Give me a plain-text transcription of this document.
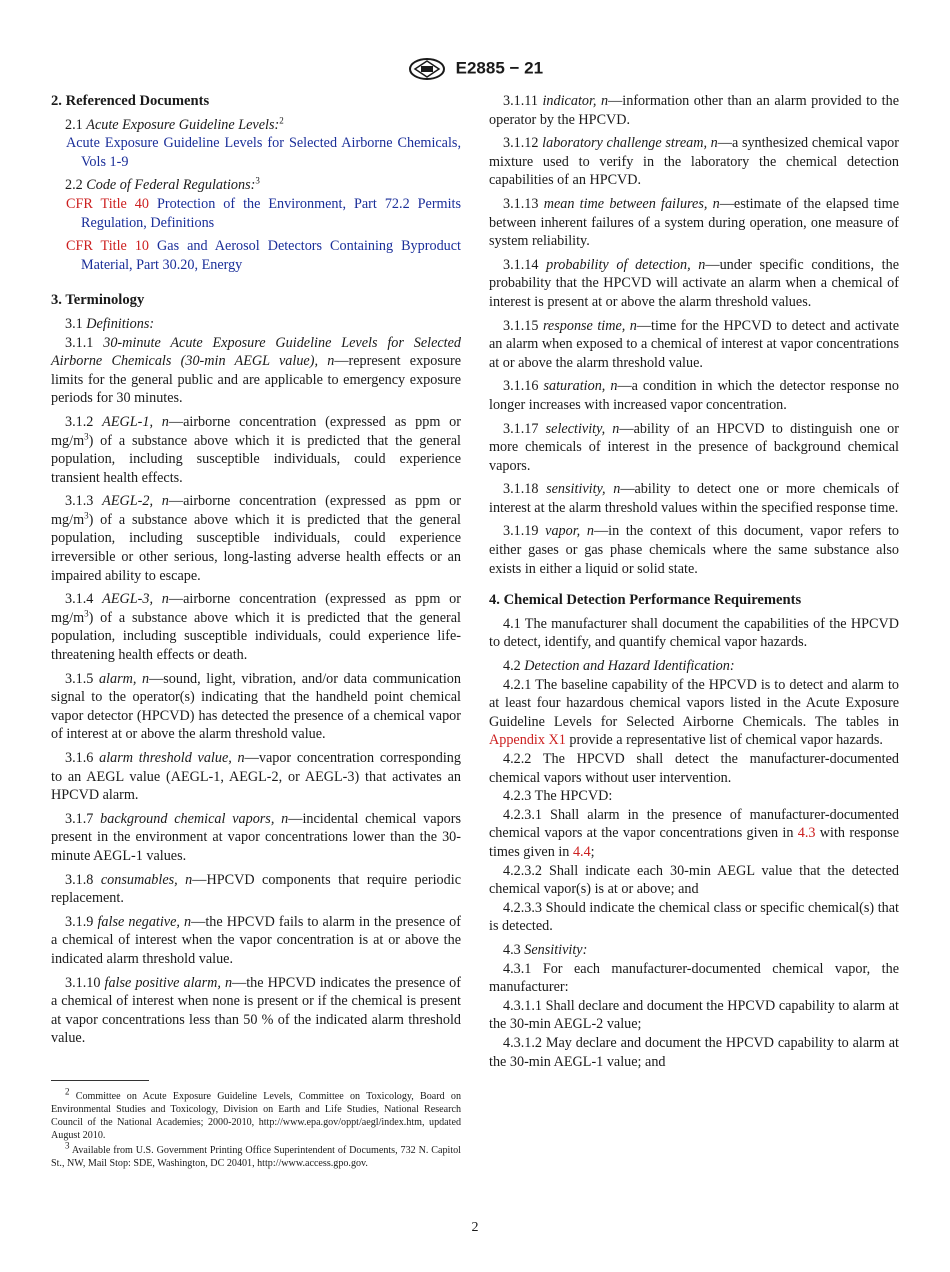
E2885 − 21

2. Referenced Documents

2.1 Acute Exposure Guideline Levels:$^2$

Acute Exposure Guideline Levels for Selected Airborne Chemicals, Vols 1-9

2.2 Code of Federal Regulations:$^3$

CFR Title 40 Protection of the Environment, Part 72.2 Permits Regulation, Definitions

CFR Title 10 Gas and Aerosol Detectors Containing Byproduct Material, Part 30.20, Energy

3. Terminology

3.1 Definitions:

3.1.1 30-minute Acute Exposure Guideline Levels for Selected Airborne Chemicals (30-min AEGL value), n—represent exposure limits for the general public and are applicable to emergency exposure periods for 30 minutes.

3.1.2 AEGL-1, n—airborne concentration (expressed as ppm or $mg/m^3$) of a substance above which it is predicted that the general population, including susceptible individuals, could experience transient health effects.

3.1.3 AEGL-2, n—airborne concentration (expressed as ppm or $mg/m^3$) of a substance above which it is predicted that the general population, including susceptible individuals, could experience irreversible or other serious, long-lasting adverse health effects or an impaired ability to escape.

3.1.4 AEGL-3, n—airborne concentration (expressed as ppm or $mg/m^3$) of a substance above which it is predicted that the general population, including susceptible individuals, could experience life-threatening health effects or death.

3.1.5 alarm, n—sound, light, vibration, and/or data communication signal to the operator(s) indicating that the handheld point chemical vapor detector (HPCVD) has detected the presence of a chemical vapor of interest at or above the alarm threshold value.

3.1.6 alarm threshold value, n—vapor concentration corresponding to an AEGL value (AEGL-1, AEGL-2, or AEGL-3) that activates an HPCVD alarm.

3.1.7 background chemical vapors, n—incidental chemical vapors present in the environment at vapor concentrations lower than the 30-minute AEGL-1 values.

3.1.8 consumables, n—HPCVD components that require periodic replacement.

3.1.9 false negative, n—the HPCVD fails to alarm in the presence of a chemical of interest when the vapor concentration is at or above the indicated alarm threshold value.

3.1.10 false positive alarm, n—the HPCVD indicates the presence of a chemical of interest when none is present or if the chemical is present at vapor concentrations less than 50 % of the indicated alarm threshold value.

$^2$ Committee on Acute Exposure Guideline Levels, Committee on Toxicology, Board on Environmental Studies and Toxicology, Division on Earth and Life Studies, National Research Council of the National Academies; 2000-2010, http://www.epa.gov/oppt/aegl/index.htm, updated August 2010.

$^3$ Available from U.S. Government Printing Office Superintendent of Documents, 732 N. Capitol St., NW, Mail Stop: SDE, Washington, DC 20401, http://www.access.gpo.gov.

3.1.11 indicator, n—information other than an alarm provided to the operator by the HPCVD.

3.1.12 laboratory challenge stream, n—a synthesized chemical vapor mixture used to verify in the laboratory the chemical detection capabilities of an HPCVD.

3.1.13 mean time between failures, n—estimate of the elapsed time between inherent failures of a system during operation, one measure of system reliability.

3.1.14 probability of detection, n—under specific conditions, the probability that the HPCVD will activate an alarm when a chemical of interest is present at or above the alarm threshold values.

3.1.15 response time, n—time for the HPCVD to detect and activate an alarm when exposed to a chemical of interest at vapor concentrations at or above the alarm threshold value.

3.1.16 saturation, n—a condition in which the detector response no longer increases with increased vapor concentration.

3.1.17 selectivity, n—ability of an HPCVD to distinguish one or more chemicals of interest in the presence of background chemical vapors.

3.1.18 sensitivity, n—ability to detect one or more chemicals of interest at the alarm threshold values within the specified response time.

3.1.19 vapor, n—in the context of this document, vapor refers to either gases or gas phase chemicals where the same substance also exists in either a liquid or solid state.

4. Chemical Detection Performance Requirements

4.1 The manufacturer shall document the capabilities of the HPCVD to detect, identify, and quantify chemical vapor hazards.

4.2 Detection and Hazard Identification:

4.2.1 The baseline capability of the HPCVD is to detect and alarm to at least four hazardous chemical vapors listed in the Acute Exposure Guideline Levels for Selected Airborne Chemicals. The tables in Appendix X1 provide a representative list of chemical vapor hazards.

4.2.2 The HPCVD shall detect the manufacturer-documented chemical vapors without user intervention.

4.2.3 The HPCVD:

4.2.3.1 Shall alarm in the presence of manufacturer-documented chemical vapors at the vapor concentrations given in 4.3 with response times given in 4.4;

4.2.3.2 Shall indicate each 30-min AEGL value that the detected chemical vapor(s) is at or above; and

4.2.3.3 Should indicate the chemical class or specific chemical(s) that is detected.

4.3 Sensitivity:

4.3.1 For each manufacturer-documented chemical vapor, the manufacturer:

4.3.1.1 Shall declare and document the HPCVD capability to alarm at the 30-min AEGL-2 value;

4.3.1.2 May declare and document the HPCVD capability to alarm at the 30-min AEGL-1 value; and

2
